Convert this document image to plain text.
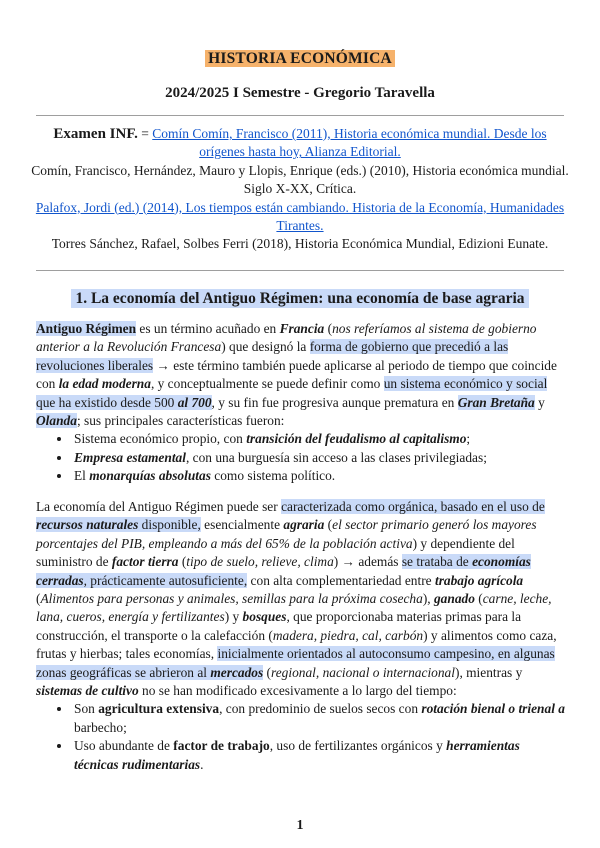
HISTORIA ECONÓMICA
2024/2025 I Semestre - Gregorio Taravella
Examen INF. = Comín Comín, Francisco (2011), Historia económica mundial. Desde los orígenes hasta hoy, Alianza Editorial.
Comín, Francisco, Hernández, Mauro y Llopis, Enrique (eds.) (2010), Historia económica mundial. Siglo X-XX, Crítica.
Palafox, Jordi (ed.) (2014), Los tiempos están cambiando. Historia de la Economía, Humanidades Tirantes.
Torres Sánchez, Rafael, Solbes Ferri (2018), Historia Económica Mundial, Edizioni Eunate.
1. La economía del Antiguo Régimen: una economía de base agraria
Antiguo Régimen es un término acuñado en Francia (nos referíamos al sistema de gobierno anterior a la Revolución Francesa) que designó la forma de gobierno que precedió a las revoluciones liberales → este término también puede aplicarse al periodo de tiempo que coincide con la edad moderna, y conceptualmente se puede definir como un sistema económico y social que ha existido desde 500 al 700, y su fin fue progresiva aunque prematura en Gran Bretaña y Olanda; sus principales características fueron:
• Sistema económico propio, con transición del feudalismo al capitalismo;
• Empresa estamental, con una burguesía sin acceso a las clases privilegiadas;
• El monarquías absolutas como sistema político.
La economía del Antiguo Régimen puede ser caracterizada como orgánica, basado en el uso de recursos naturales disponible, esencialmente agraria (el sector primario generó los mayores porcentajes del PIB, empleando a más del 65% de la población activa) y dependiente del suministro de factor tierra (tipo de suelo, relieve, clima) → además se trataba de economías cerradas, prácticamente autosuficiente, con alta complementariedad entre trabajo agrícola (Alimentos para personas y animales, semillas para la próxima cosecha), ganado (carne, leche, lana, cueros, energía y fertilizantes) y bosques, que proporcionaba materias primas para la construcción, el transporte o la calefacción (madera, piedra, cal, carbón) y alimentos como caza, frutas y hierbas; tales economías, inicialmente orientados al autoconsumo campesino, en algunas zonas geográficas se abrieron al mercados (regional, nacional o internacional), mientras y sistemas de cultivo no se han modificado excesivamente a lo largo del tiempo:
• Son agricultura extensiva, con predominio de suelos secos con rotación bienal o trienal a barbecho;
• Uso abundante de factor de trabajo, uso de fertilizantes orgánicos y herramientas técnicas rudimentarias.
1
